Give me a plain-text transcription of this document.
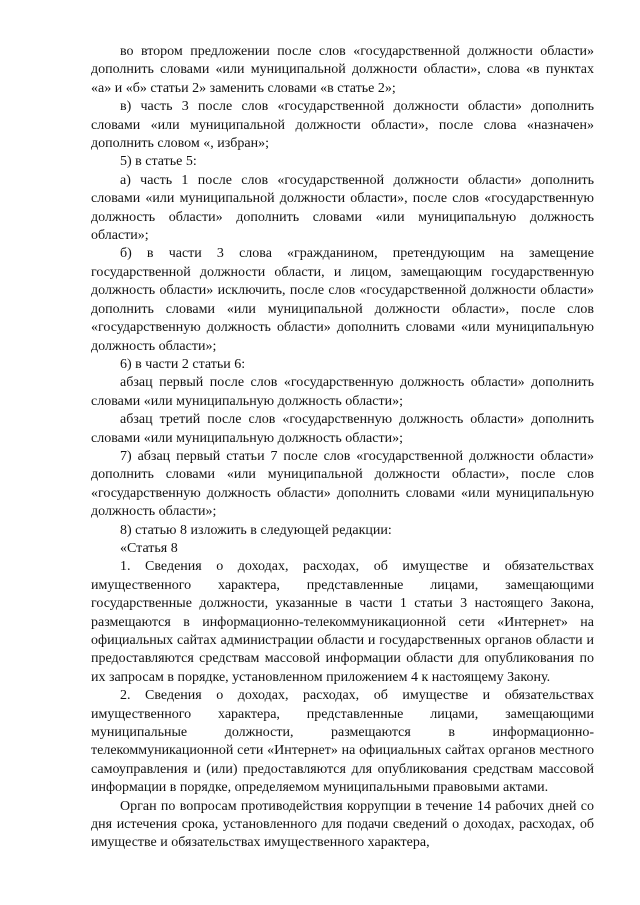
во втором предложении после слов «государственной должности области» дополнить словами «или муниципальной должности области», слова «в пунктах «а» и «б» статьи 2» заменить словами «в статье 2»;

в) часть 3 после слов «государственной должности области» дополнить словами «или муниципальной должности области», после слова «назначен» дополнить словом «, избран»;

5) в статье 5:

а) часть 1 после слов «государственной должности области» дополнить словами «или муниципальной должности области», после слов «государственную должность области» дополнить словами «или муниципальную должность области»;

б) в части 3 слова «гражданином, претендующим на замещение государственной должности области, и лицом, замещающим государственную должность области» исключить, после слов «государственной должности области» дополнить словами «или муниципальной должности области», после слов «государственную должность области» дополнить словами «или муниципальную должность области»;

6) в части 2 статьи 6:

абзац первый после слов «государственную должность области» дополнить словами «или муниципальную должность области»;

абзац третий после слов «государственную должность области» дополнить словами «или муниципальную должность области»;

7) абзац первый статьи 7 после слов «государственной должности области» дополнить словами «или муниципальной должности области», после слов «государственную должность области» дополнить словами «или муниципальную должность области»;

8) статью 8 изложить в следующей редакции:

«Статья 8

1. Сведения о доходах, расходах, об имуществе и обязательствах имущественного характера, представленные лицами, замещающими государственные должности, указанные в части 1 статьи 3 настоящего Закона, размещаются в информационно-телекоммуникационной сети «Интернет» на официальных сайтах администрации области и государственных органов области и предоставляются средствам массовой информации области для опубликования по их запросам в порядке, установленном приложением 4 к настоящему Закону.

2. Сведения о доходах, расходах, об имуществе и обязательствах имущественного характера, представленные лицами, замещающими муниципальные должности, размещаются в информационно-телекоммуникационной сети «Интернет» на официальных сайтах органов местного самоуправления и (или) предоставляются для опубликования средствам массовой информации в порядке, определяемом муниципальными правовыми актами.

Орган по вопросам противодействия коррупции в течение 14 рабочих дней со дня истечения срока, установленного для подачи сведений о доходах, расходах, об имуществе и обязательствах имущественного характера,
